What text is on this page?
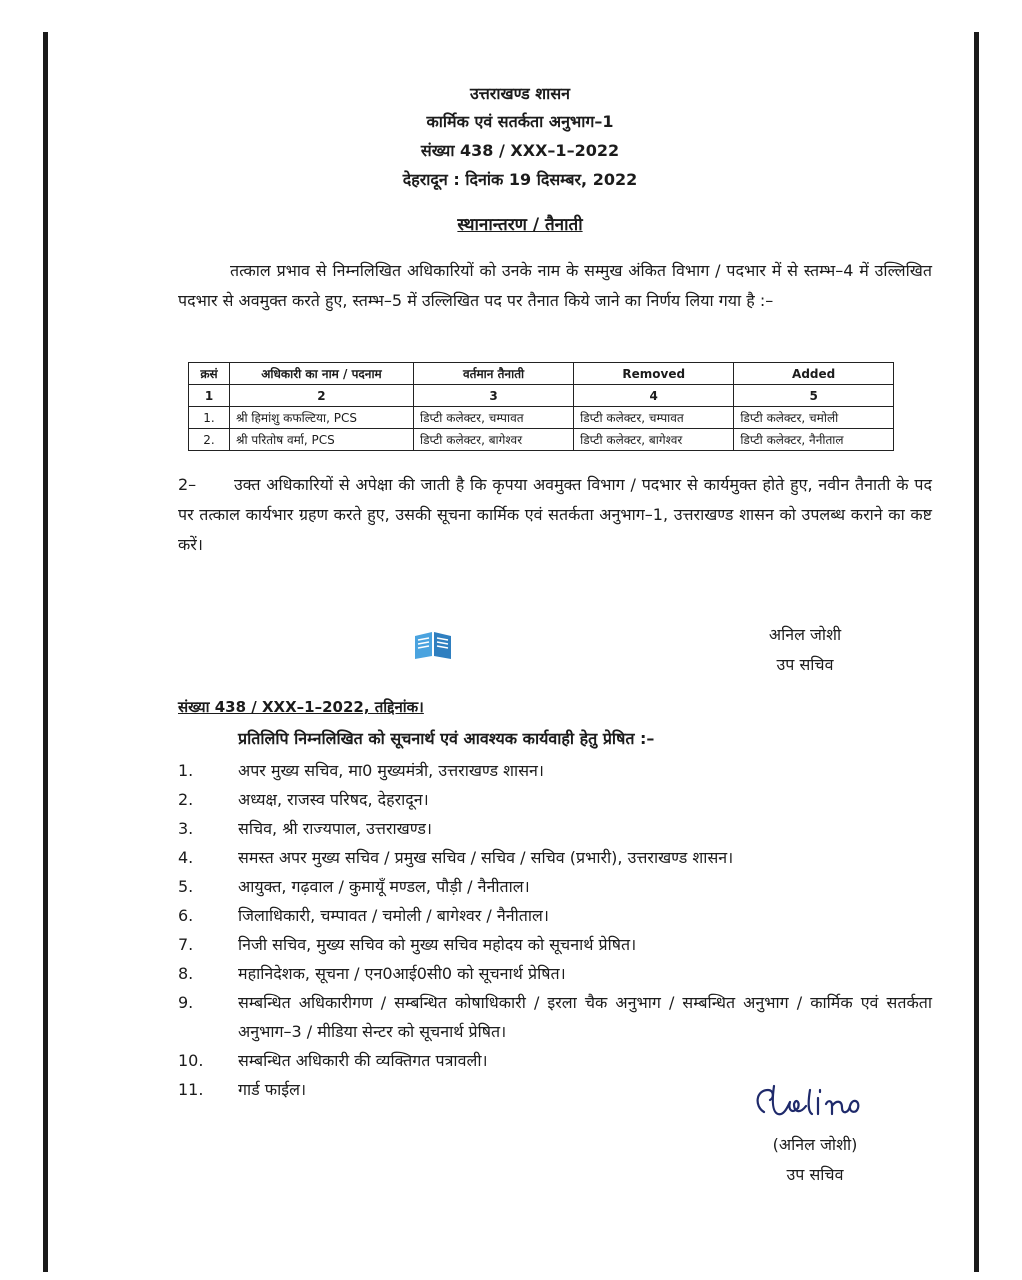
उत्तराखण्ड शासन
कार्मिक एवं सतर्कता अनुभाग–1
संख्या 438 / XXX–1–2022
देहरादून : दिनांक 19 दिसम्बर, 2022
स्थानान्तरण / तैनाती
तत्काल प्रभाव से निम्नलिखित अधिकारियों को उनके नाम के सम्मुख अंकित विभाग / पदभार में से स्तम्भ–4 में उल्लिखित पदभार से अवमुक्त करते हुए, स्तम्भ–5 में उल्लिखित पद पर तैनात किये जाने का निर्णय लिया गया है :–
क्रसं	अधिकारी का नाम / पदनाम	वर्तमान तैनाती	Removed	Added
1	2	3	4	5
1.	श्री हिमांशु कफल्टिया, PCS	डिप्टी कलेक्टर, चम्पावत	डिप्टी कलेक्टर, चम्पावत	डिप्टी कलेक्टर, चमोली
2.	श्री परितोष वर्मा, PCS	डिप्टी कलेक्टर, बागेश्वर	डिप्टी कलेक्टर, बागेश्वर	डिप्टी कलेक्टर, नैनीताल
2– उक्त अधिकारियों से अपेक्षा की जाती है कि कृपया अवमुक्त विभाग / पदभार से कार्यमुक्त होते हुए, नवीन तैनाती के पद पर तत्काल कार्यभार ग्रहण करते हुए, उसकी सूचना कार्मिक एवं सतर्कता अनुभाग–1, उत्तराखण्ड शासन को उपलब्ध कराने का कष्ट करें।
अनिल जोशी
उप सचिव
संख्या 438 / XXX–1–2022, तद्दिनांक।
प्रतिलिपि निम्नलिखित को सूचनार्थ एवं आवश्यक कार्यवाही हेतु प्रेषित :–
1.	अपर मुख्य सचिव, मा0 मुख्यमंत्री, उत्तराखण्ड शासन।
2.	अध्यक्ष, राजस्व परिषद, देहरादून।
3.	सचिव, श्री राज्यपाल, उत्तराखण्ड।
4.	समस्त अपर मुख्य सचिव / प्रमुख सचिव / सचिव / सचिव (प्रभारी), उत्तराखण्ड शासन।
5.	आयुक्त, गढ़वाल / कुमायूँ मण्डल, पौड़ी / नैनीताल।
6.	जिलाधिकारी, चम्पावत / चमोली / बागेश्वर / नैनीताल।
7.	निजी सचिव, मुख्य सचिव को मुख्य सचिव महोदय को सूचनार्थ प्रेषित।
8.	महानिदेशक, सूचना / एन0आई0सी0 को सूचनार्थ प्रेषित।
9.	सम्बन्धित अधिकारीगण / सम्बन्धित कोषाधिकारी / इरला चैक अनुभाग / सम्बन्धित अनुभाग / कार्मिक एवं सतर्कता अनुभाग–3 / मीडिया सेन्टर को सूचनार्थ प्रेषित।
10.	सम्बन्धित अधिकारी की व्यक्तिगत पत्रावली।
11.	गार्ड फाईल।
(अनिल जोशी)
उप सचिव
